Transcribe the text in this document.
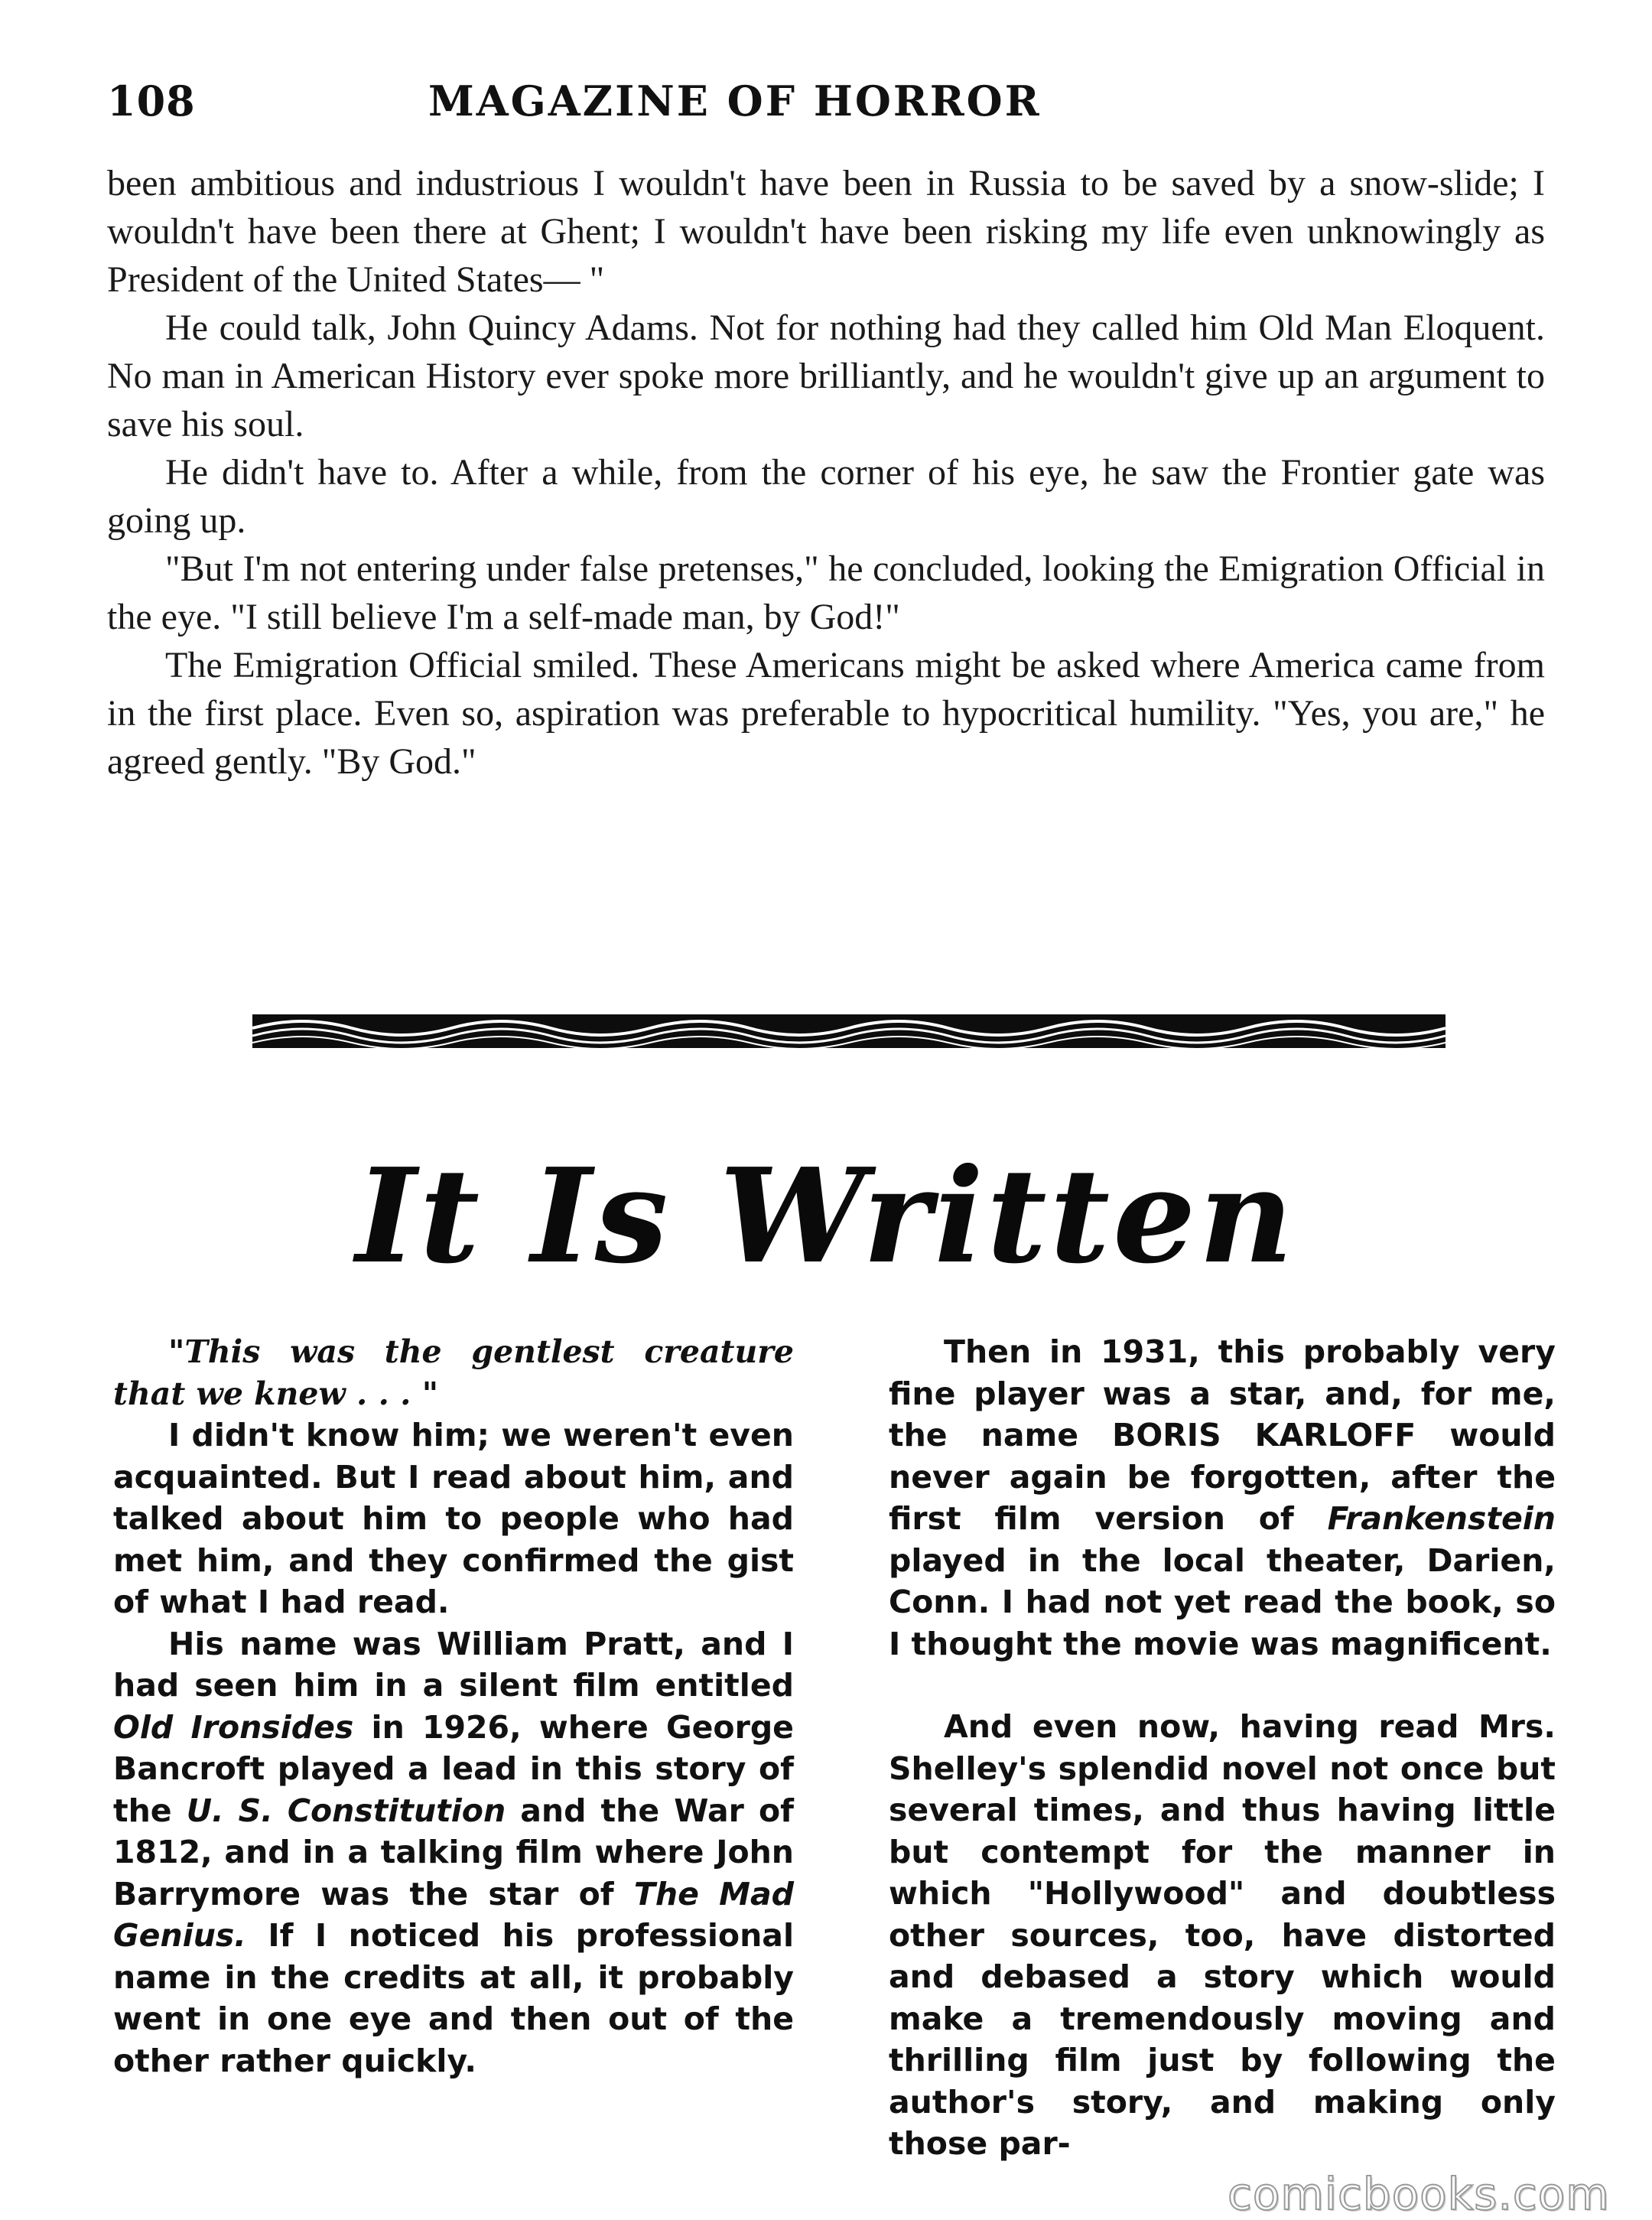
108	MAGAZINE OF HORROR

been ambitious and industrious I wouldn't have been in Russia to be saved by a snow-slide; I wouldn't have been there at Ghent; I wouldn't have been risking my life even unknowingly as President of the United States— "

He could talk, John Quincy Adams. Not for nothing had they called him Old Man Eloquent. No man in American History ever spoke more brilliantly, and he wouldn't give up an argument to save his soul.

He didn't have to. After a while, from the corner of his eye, he saw the Frontier gate was going up.

"But I'm not entering under false pretenses," he concluded, looking the Emigration Official in the eye. "I still believe I'm a self-made man, by God!"

The Emigration Official smiled. These Americans might be asked where America came from in the first place. Even so, aspiration was preferable to hypocritical humility. "Yes, you are," he agreed gently. "By God."

It Is Written

"This was the gentlest creature that we knew . . . "

I didn't know him; we weren't even acquainted. But I read about him, and talked about him to people who had met him, and they confirmed the gist of what I had read.

His name was William Pratt, and I had seen him in a silent film entitled Old Ironsides in 1926, where George Bancroft played a lead in this story of the U. S. Constitution and the War of 1812, and in a talking film where John Barrymore was the star of The Mad Genius. If I noticed his professional name in the credits at all, it probably went in one eye and then out of the other rather quickly.

Then in 1931, this probably very fine player was a star, and, for me, the name BORIS KARLOFF would never again be forgotten, after the first film version of Frankenstein played in the local theater, Darien, Conn. I had not yet read the book, so I thought the movie was magnificent.

And even now, having read Mrs. Shelley's splendid novel not once but several times, and thus having little but contempt for the manner in which "Hollywood" and doubtless other sources, too, have distorted and debased a story which would make a tremendously moving and thrilling film just by following the author's story, and making only those par-

comicbooks.com
